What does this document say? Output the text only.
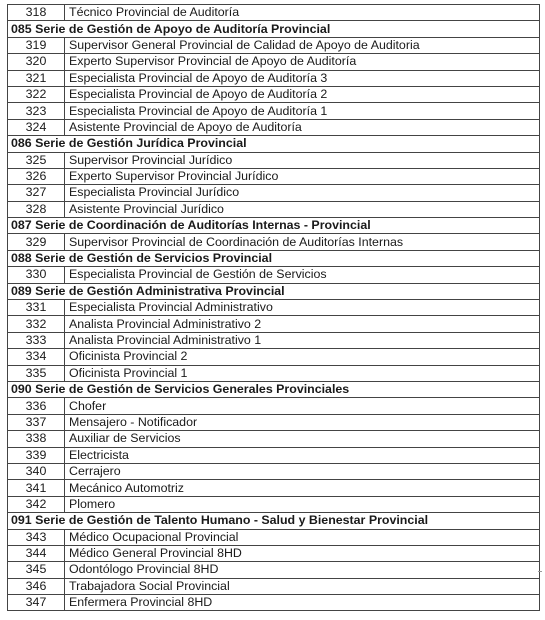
318	Técnico Provincial de Auditoría
085 Serie de Gestión de Apoyo de Auditoría Provincial	
319	Supervisor General Provincial de Calidad de Apoyo de Auditoria
320	Experto Supervisor Provincial de Apoyo de Auditoría
321	Especialista Provincial de Apoyo de Auditoría 3
322	Especialista Provincial de Apoyo de Auditoría 2
323	Especialista Provincial de Apoyo de Auditoría 1
324	Asistente Provincial de Apoyo de Auditoría
086 Serie de Gestión Jurídica Provincial	
325	Supervisor Provincial Jurídico
326	Experto Supervisor Provincial Jurídico
327	Especialista Provincial Jurídico
328	Asistente Provincial Jurídico
087 Serie de Coordinación de Auditorías Internas - Provincial	
329	Supervisor Provincial de Coordinación de Auditorías Internas
088 Serie de Gestión de Servicios Provincial	
330	Especialista Provincial de Gestión de Servicios
089 Serie de Gestión Administrativa Provincial	
331	Especialista Provincial Administrativo
332	Analista Provincial Administrativo 2
333	Analista Provincial Administrativo 1
334	Oficinista Provincial 2
335	Oficinista Provincial 1
090 Serie de Gestión de Servicios Generales Provinciales	
336	Chofer
337	Mensajero - Notificador
338	Auxiliar de Servicios
339	Electricista
340	Cerrajero
341	Mecánico Automotriz
342	Plomero
091 Serie de Gestión de Talento Humano - Salud y Bienestar Provincial	
343	Médico Ocupacional Provincial
344	Médico General Provincial 8HD
345	Odontólogo Provincial 8HD
346	Trabajadora Social Provincial
347	Enfermera Provincial 8HD
